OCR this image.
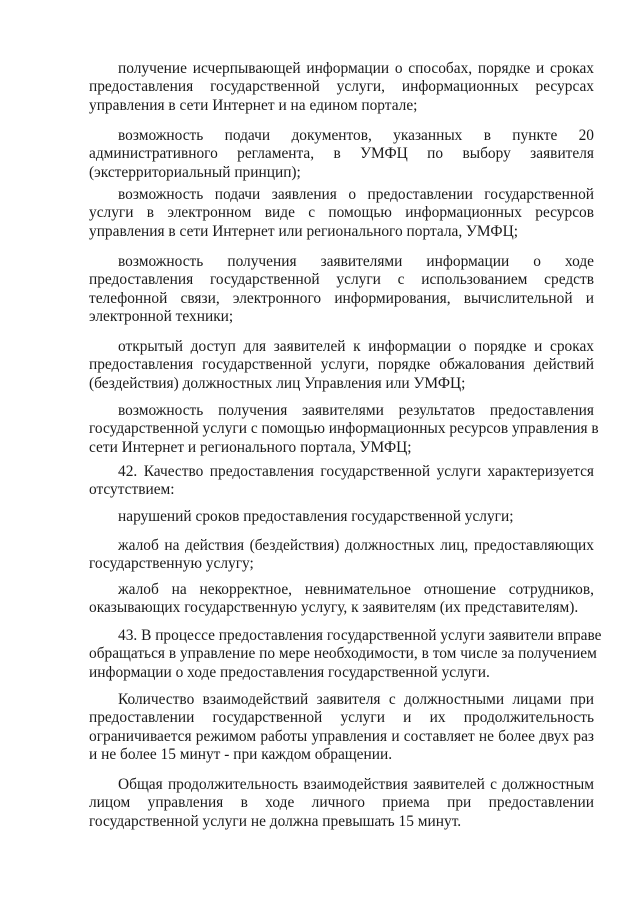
получение исчерпывающей информации о способах, порядке и сроках
предоставления государственной услуги, информационных ресурсах
управления в сети Интернет и на едином портале;
возможность подачи документов, указанных в пункте 20
административного регламента, в УМФЦ по выбору заявителя
(экстерриториальный принцип);
возможность подачи заявления о предоставлении государственной
услуги в электронном виде с помощью информационных ресурсов
управления в сети Интернет или регионального портала, УМФЦ;
возможность получения заявителями информации о ходе
предоставления государственной услуги с использованием средств
телефонной связи, электронного информирования, вычислительной и
электронной техники;
открытый доступ для заявителей к информации о порядке и сроках
предоставления государственной услуги, порядке обжалования действий
(бездействия) должностных лиц Управления или УМФЦ;
возможность получения заявителями результатов предоставления
государственной услуги с помощью информационных ресурсов управления в
сети Интернет и регионального портала, УМФЦ;
42. Качество предоставления государственной услуги характеризуется
отсутствием:
нарушений сроков предоставления государственной услуги;
жалоб на действия (бездействия) должностных лиц, предоставляющих
государственную услугу;
жалоб на некорректное, невнимательное отношение сотрудников,
оказывающих государственную услугу, к заявителям (их представителям).
43. В процессе предоставления государственной услуги заявители вправе
обращаться в управление по мере необходимости, в том числе за получением
информации о ходе предоставления государственной услуги.
Количество взаимодействий заявителя с должностными лицами при
предоставлении государственной услуги и их продолжительность
ограничивается режимом работы управления и составляет не более двух раз
и не более 15 минут - при каждом обращении.
Общая продолжительность взаимодействия заявителей с должностным
лицом управления в ходе личного приема при предоставлении
государственной услуги не должна превышать 15 минут.
